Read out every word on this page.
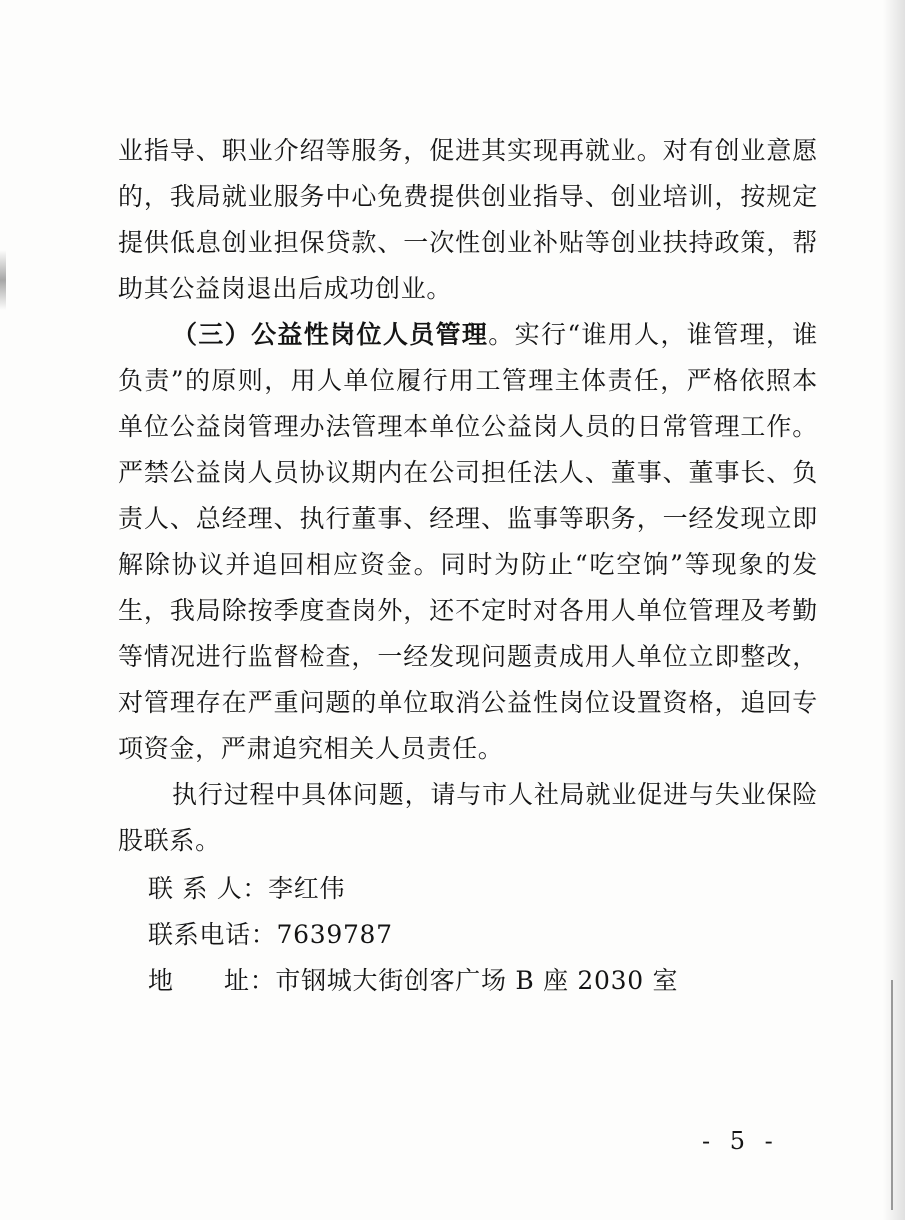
业指导、职业介绍等服务，促进其实现再就业。对有创业意愿的，我局就业服务中心免费提供创业指导、创业培训，按规定提供低息创业担保贷款、一次性创业补贴等创业扶持政策，帮助其公益岗退出后成功创业。

（三）公益性岗位人员管理。实行“谁用人，谁管理，谁负责”的原则，用人单位履行用工管理主体责任，严格依照本单位公益岗管理办法管理本单位公益岗人员的日常管理工作。严禁公益岗人员协议期内在公司担任法人、董事、董事长、负责人、总经理、执行董事、经理、监事等职务，一经发现立即解除协议并追回相应资金。同时为防止“吃空饷”等现象的发生，我局除按季度查岗外，还不定时对各用人单位管理及考勤等情况进行监督检查，一经发现问题责成用人单位立即整改，对管理存在严重问题的单位取消公益性岗位设置资格，追回专项资金，严肃追究相关人员责任。

执行过程中具体问题，请与市人社局就业促进与失业保险股联系。

联 系 人：李红伟
联系电话：7639787
地 址：市钢城大街创客广场 B 座 2030 室
- 5 -
